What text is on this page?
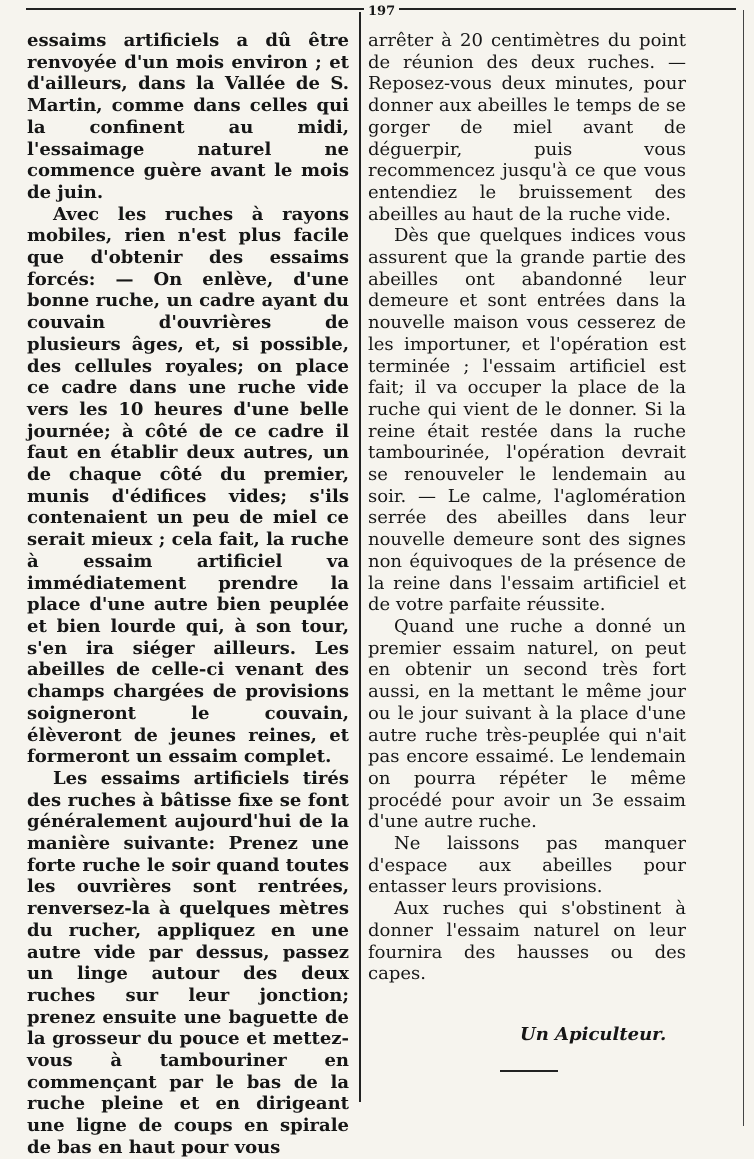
197

essaims artificiels a dû être renvoyée d'un mois environ ; et d'ailleurs, dans la Vallée de S. Martin, comme dans celles qui la confinent au midi, l'essaimage naturel ne commence guère avant le mois de juin.

Avec les ruches à rayons mobiles, rien n'est plus facile que d'obtenir des essaims forcés: — On enlève, d'une bonne ruche, un cadre ayant du couvain d'ouvrières de plusieurs âges, et, si possible, des cellules royales; on place ce cadre dans une ruche vide vers les 10 heures d'une belle journée; à côté de ce cadre il faut en établir deux autres, un de chaque côté du premier, munis d'édifices vides; s'ils contenaient un peu de miel ce serait mieux ; cela fait, la ruche à essaim artificiel va immédiatement prendre la place d'une autre bien peuplée et bien lourde qui, à son tour, s'en ira siéger ailleurs. Les abeilles de celle-ci venant des champs chargées de provisions soigneront le couvain, élèveront de jeunes reines, et formeront un essaim complet.

Les essaims artificiels tirés des ruches à bâtisse fixe se font généralement aujourd'hui de la manière suivante: Prenez une forte ruche le soir quand toutes les ouvrières sont rentrées, renversez-la à quelques mètres du rucher, appliquez en une autre vide par dessus, passez un linge autour des deux ruches sur leur jonction; prenez ensuite une baguette de la grosseur du pouce et mettez-vous à tambouriner en commençant par le bas de la ruche pleine et en dirigeant une ligne de coups en spirale de bas en haut pour vous

arrêter à 20 centimètres du point de réunion des deux ruches. — Reposez-vous deux minutes, pour donner aux abeilles le temps de se gorger de miel avant de déguerpir, puis vous recommencez jusqu'à ce que vous entendiez le bruissement des abeilles au haut de la ruche vide.

Dès que quelques indices vous assurent que la grande partie des abeilles ont abandonné leur demeure et sont entrées dans la nouvelle maison vous cesserez de les importuner, et l'opération est terminée ; l'essaim artificiel est fait; il va occuper la place de la ruche qui vient de le donner. Si la reine était restée dans la ruche tambourinée, l'opération devrait se renouveler le lendemain au soir. — Le calme, l'aglomération serrée des abeilles dans leur nouvelle demeure sont des signes non équivoques de la présence de la reine dans l'essaim artificiel et de votre parfaite réussite.

Quand une ruche a donné un premier essaim naturel, on peut en obtenir un second très fort aussi, en la mettant le même jour ou le jour suivant à la place d'une autre ruche très-peuplée qui n'ait pas encore essaimé. Le lendemain on pourra répéter le même procédé pour avoir un 3e essaim d'une autre ruche.

Ne laissons pas manquer d'espace aux abeilles pour entasser leurs provisions.

Aux ruches qui s'obstinent à donner l'essaim naturel on leur fournira des hausses ou des capes.

Un Apiculteur.
